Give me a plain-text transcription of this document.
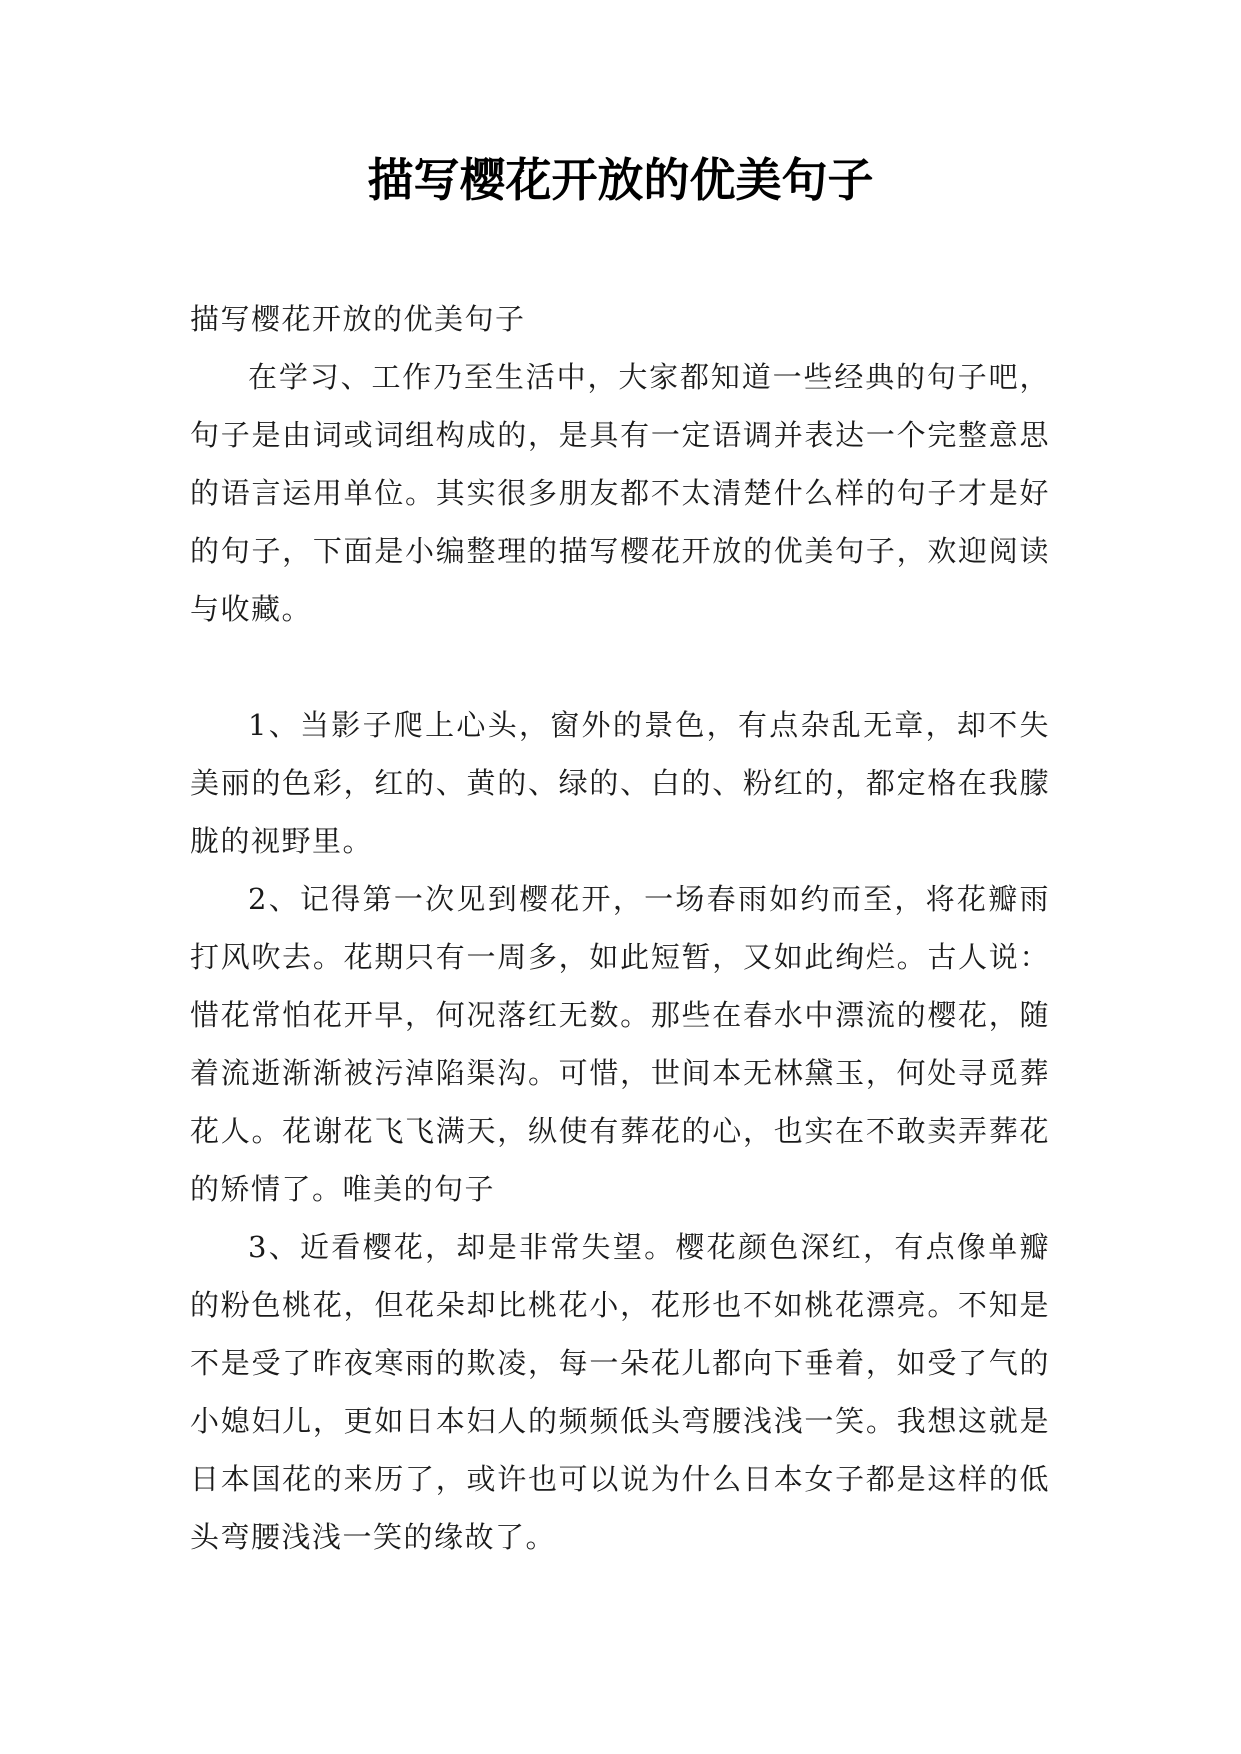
描写樱花开放的优美句子

描写樱花开放的优美句子

在学习、工作乃至生活中，大家都知道一些经典的句子吧，句子是由词或词组构成的，是具有一定语调并表达一个完整意思的语言运用单位。其实很多朋友都不太清楚什么样的句子才是好的句子，下面是小编整理的描写樱花开放的优美句子，欢迎阅读与收藏。

1、当影子爬上心头，窗外的景色，有点杂乱无章，却不失美丽的色彩，红的、黄的、绿的、白的、粉红的，都定格在我朦胧的视野里。

2、记得第一次见到樱花开，一场春雨如约而至，将花瓣雨打风吹去。花期只有一周多，如此短暂，又如此绚烂。古人说：惜花常怕花开早，何况落红无数。那些在春水中漂流的樱花，随着流逝渐渐被污淖陷渠沟。可惜，世间本无林黛玉，何处寻觅葬花人。花谢花飞飞满天，纵使有葬花的心，也实在不敢卖弄葬花的矫情了。唯美的句子

3、近看樱花，却是非常失望。樱花颜色深红，有点像单瓣的粉色桃花，但花朵却比桃花小，花形也不如桃花漂亮。不知是不是受了昨夜寒雨的欺凌，每一朵花儿都向下垂着，如受了气的小媳妇儿，更如日本妇人的频频低头弯腰浅浅一笑。我想这就是日本国花的来历了，或许也可以说为什么日本女子都是这样的低头弯腰浅浅一笑的缘故了。
